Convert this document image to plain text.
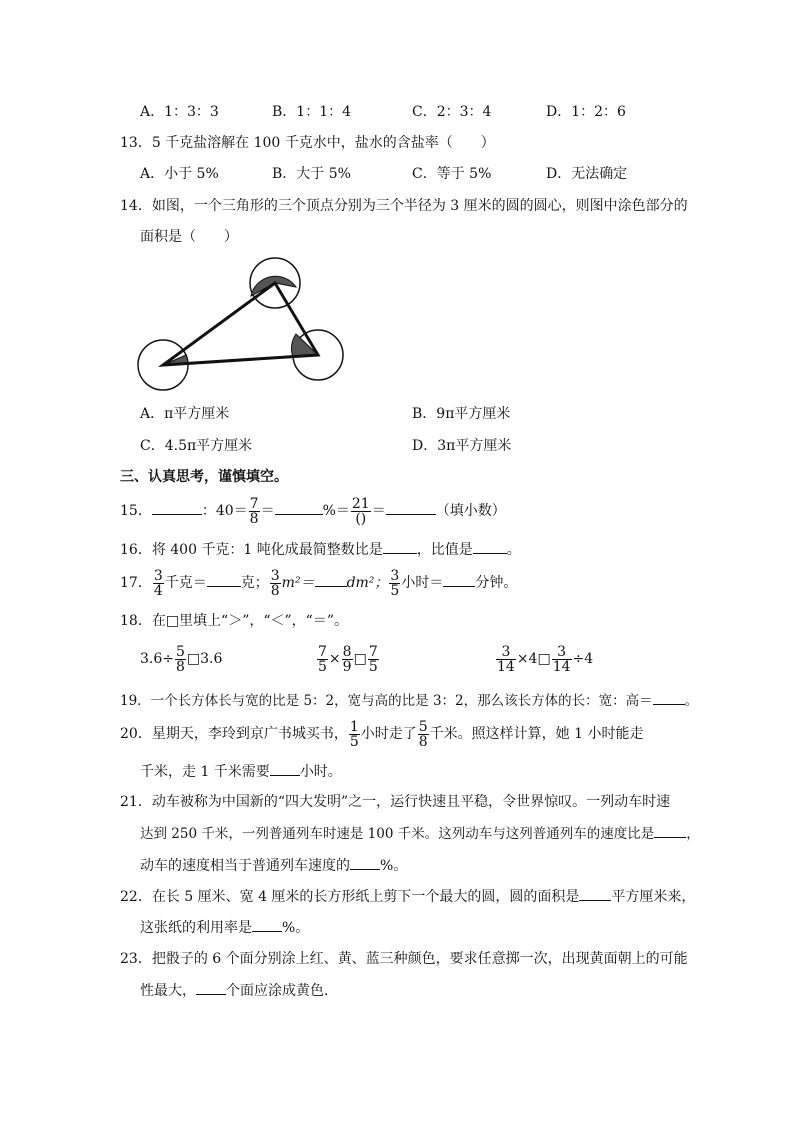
A．1：3：3	B．1：1：4	C．2：3：4	D．1：2：6
13．5 千克盐溶解在 100 千克水中，盐水的含盐率（　　）
A．小于 5%	B．大于 5%	C．等于 5%	D．无法确定
14．如图，一个三角形的三个顶点分别为三个半径为 3 厘米的圆的圆心，则图中涂色部分的
面积是（　　）
A．π平方厘米	B．9π平方厘米
C．4.5π平方厘米	D．3π平方厘米
三、认真思考，谨慎填空。
15．	：$40= \frac{7}{8}$ ＝	%＝ $\frac{21}{()}$ ＝	（填小数）
16．将 400 千克：1 吨化成最简整数比是 ，比值是 。
17． $\frac{3}{4}$ 千克＝ 克； $\frac{3}{8} m^2= dm^2$； $\frac{3}{5}$ 小时＝ 分钟。
18．在□里填上“＞”，“＜”，“＝”。
$3.6\div \frac{5}{8}$ □3.6	$\frac{7}{5} \times \frac{8}{9}$ □ $\frac{7}{5}$	$\frac{3}{14}$ ×4□ $\frac{3}{14} \div 4$
19．一个长方体长与宽的比是 5：2，宽与高的比是 3：2，那么该长方体的长：宽：高＝ 。
20．星期天，李玲到京广书城买书， $\frac{1}{5}$ 小时走了 $\frac{5}{8}$ 千米。照这样计算，她 1 小时能走
千米，走 1 千米需要 小时。
21．动车被称为中国新的“四大发明”之一，运行快速且平稳，令世界惊叹。一列动车时速
达到 250 千米，一列普通列车时速是 100 千米。这列动车与这列普通列车的速度比是 ，
动车的速度相当于普通列车速度的 %。
22．在长 5 厘米、宽 4 厘米的长方形纸上剪下一个最大的圆，圆的面积是 平方厘米来，
这张纸的利用率是 %。
23．把骰子的 6 个面分别涂上红、黄、蓝三种颜色，要求任意掷一次，出现黄面朝上的可能
性最大， 个面应涂成黄色．
